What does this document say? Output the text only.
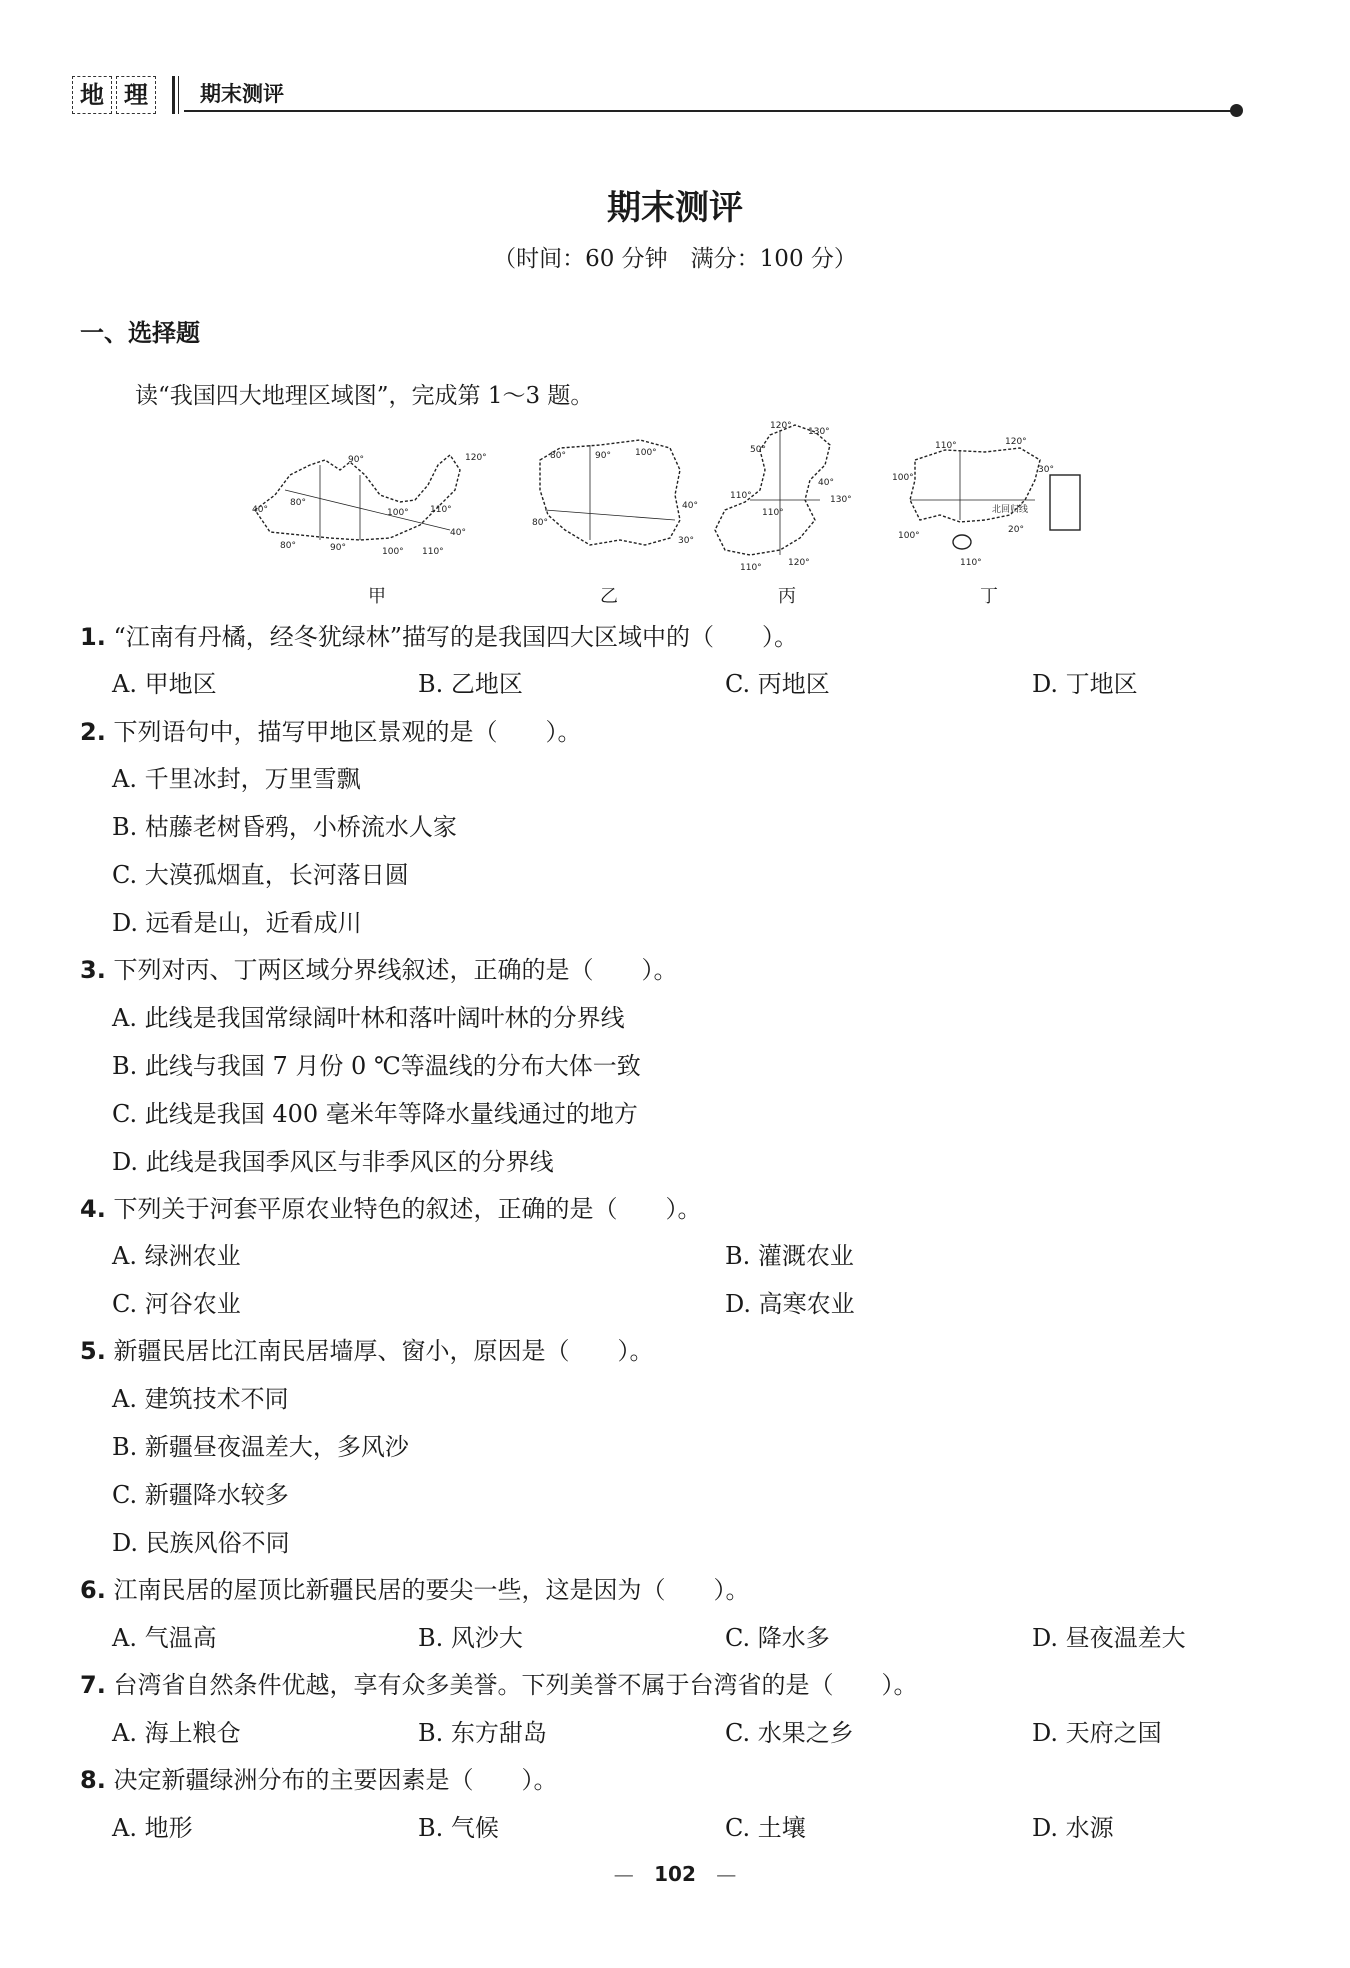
地 理	期末测评
期末测评
（时间：60 分钟　满分：100 分）
一、选择题
读“我国四大地理区域图”，完成第 1～3 题。
90°	120°
40°
80°
100° 110°
40°
80°	90°	100° 110°
80°	90°	100°
40°
80°
30°
120°
130°
50°
110°
40°
130°
110°
120°
110°
110°	120°
30°
100°
北回归线
20°
100°
110°
甲	乙	丙	丁
1. “江南有丹橘，经冬犹绿林”描写的是我国四大区域中的（　　）。
A. 甲地区	B. 乙地区	C. 丙地区	D. 丁地区
2. 下列语句中，描写甲地区景观的是（　　）。
A. 千里冰封，万里雪飘
B. 枯藤老树昏鸦，小桥流水人家
C. 大漠孤烟直，长河落日圆
D. 远看是山，近看成川
3. 下列对丙、丁两区域分界线叙述，正确的是（　　）。
A. 此线是我国常绿阔叶林和落叶阔叶林的分界线
B. 此线与我国 7 月份 0 ℃等温线的分布大体一致
C. 此线是我国 400 毫米年等降水量线通过的地方
D. 此线是我国季风区与非季风区的分界线
4. 下列关于河套平原农业特色的叙述，正确的是（　　）。
A. 绿洲农业	B. 灌溉农业
C. 河谷农业	D. 高寒农业
5. 新疆民居比江南民居墙厚、窗小，原因是（　　）。
A. 建筑技术不同
B. 新疆昼夜温差大，多风沙
C. 新疆降水较多
D. 民族风俗不同
6. 江南民居的屋顶比新疆民居的要尖一些，这是因为（　　）。
A. 气温高	B. 风沙大	C. 降水多	D. 昼夜温差大
7. 台湾省自然条件优越，享有众多美誉。下列美誉不属于台湾省的是（　　）。
A. 海上粮仓	B. 东方甜岛	C. 水果之乡	D. 天府之国
8. 决定新疆绿洲分布的主要因素是（　　）。
A. 地形	B. 气候	C. 土壤	D. 水源
— 102 —
